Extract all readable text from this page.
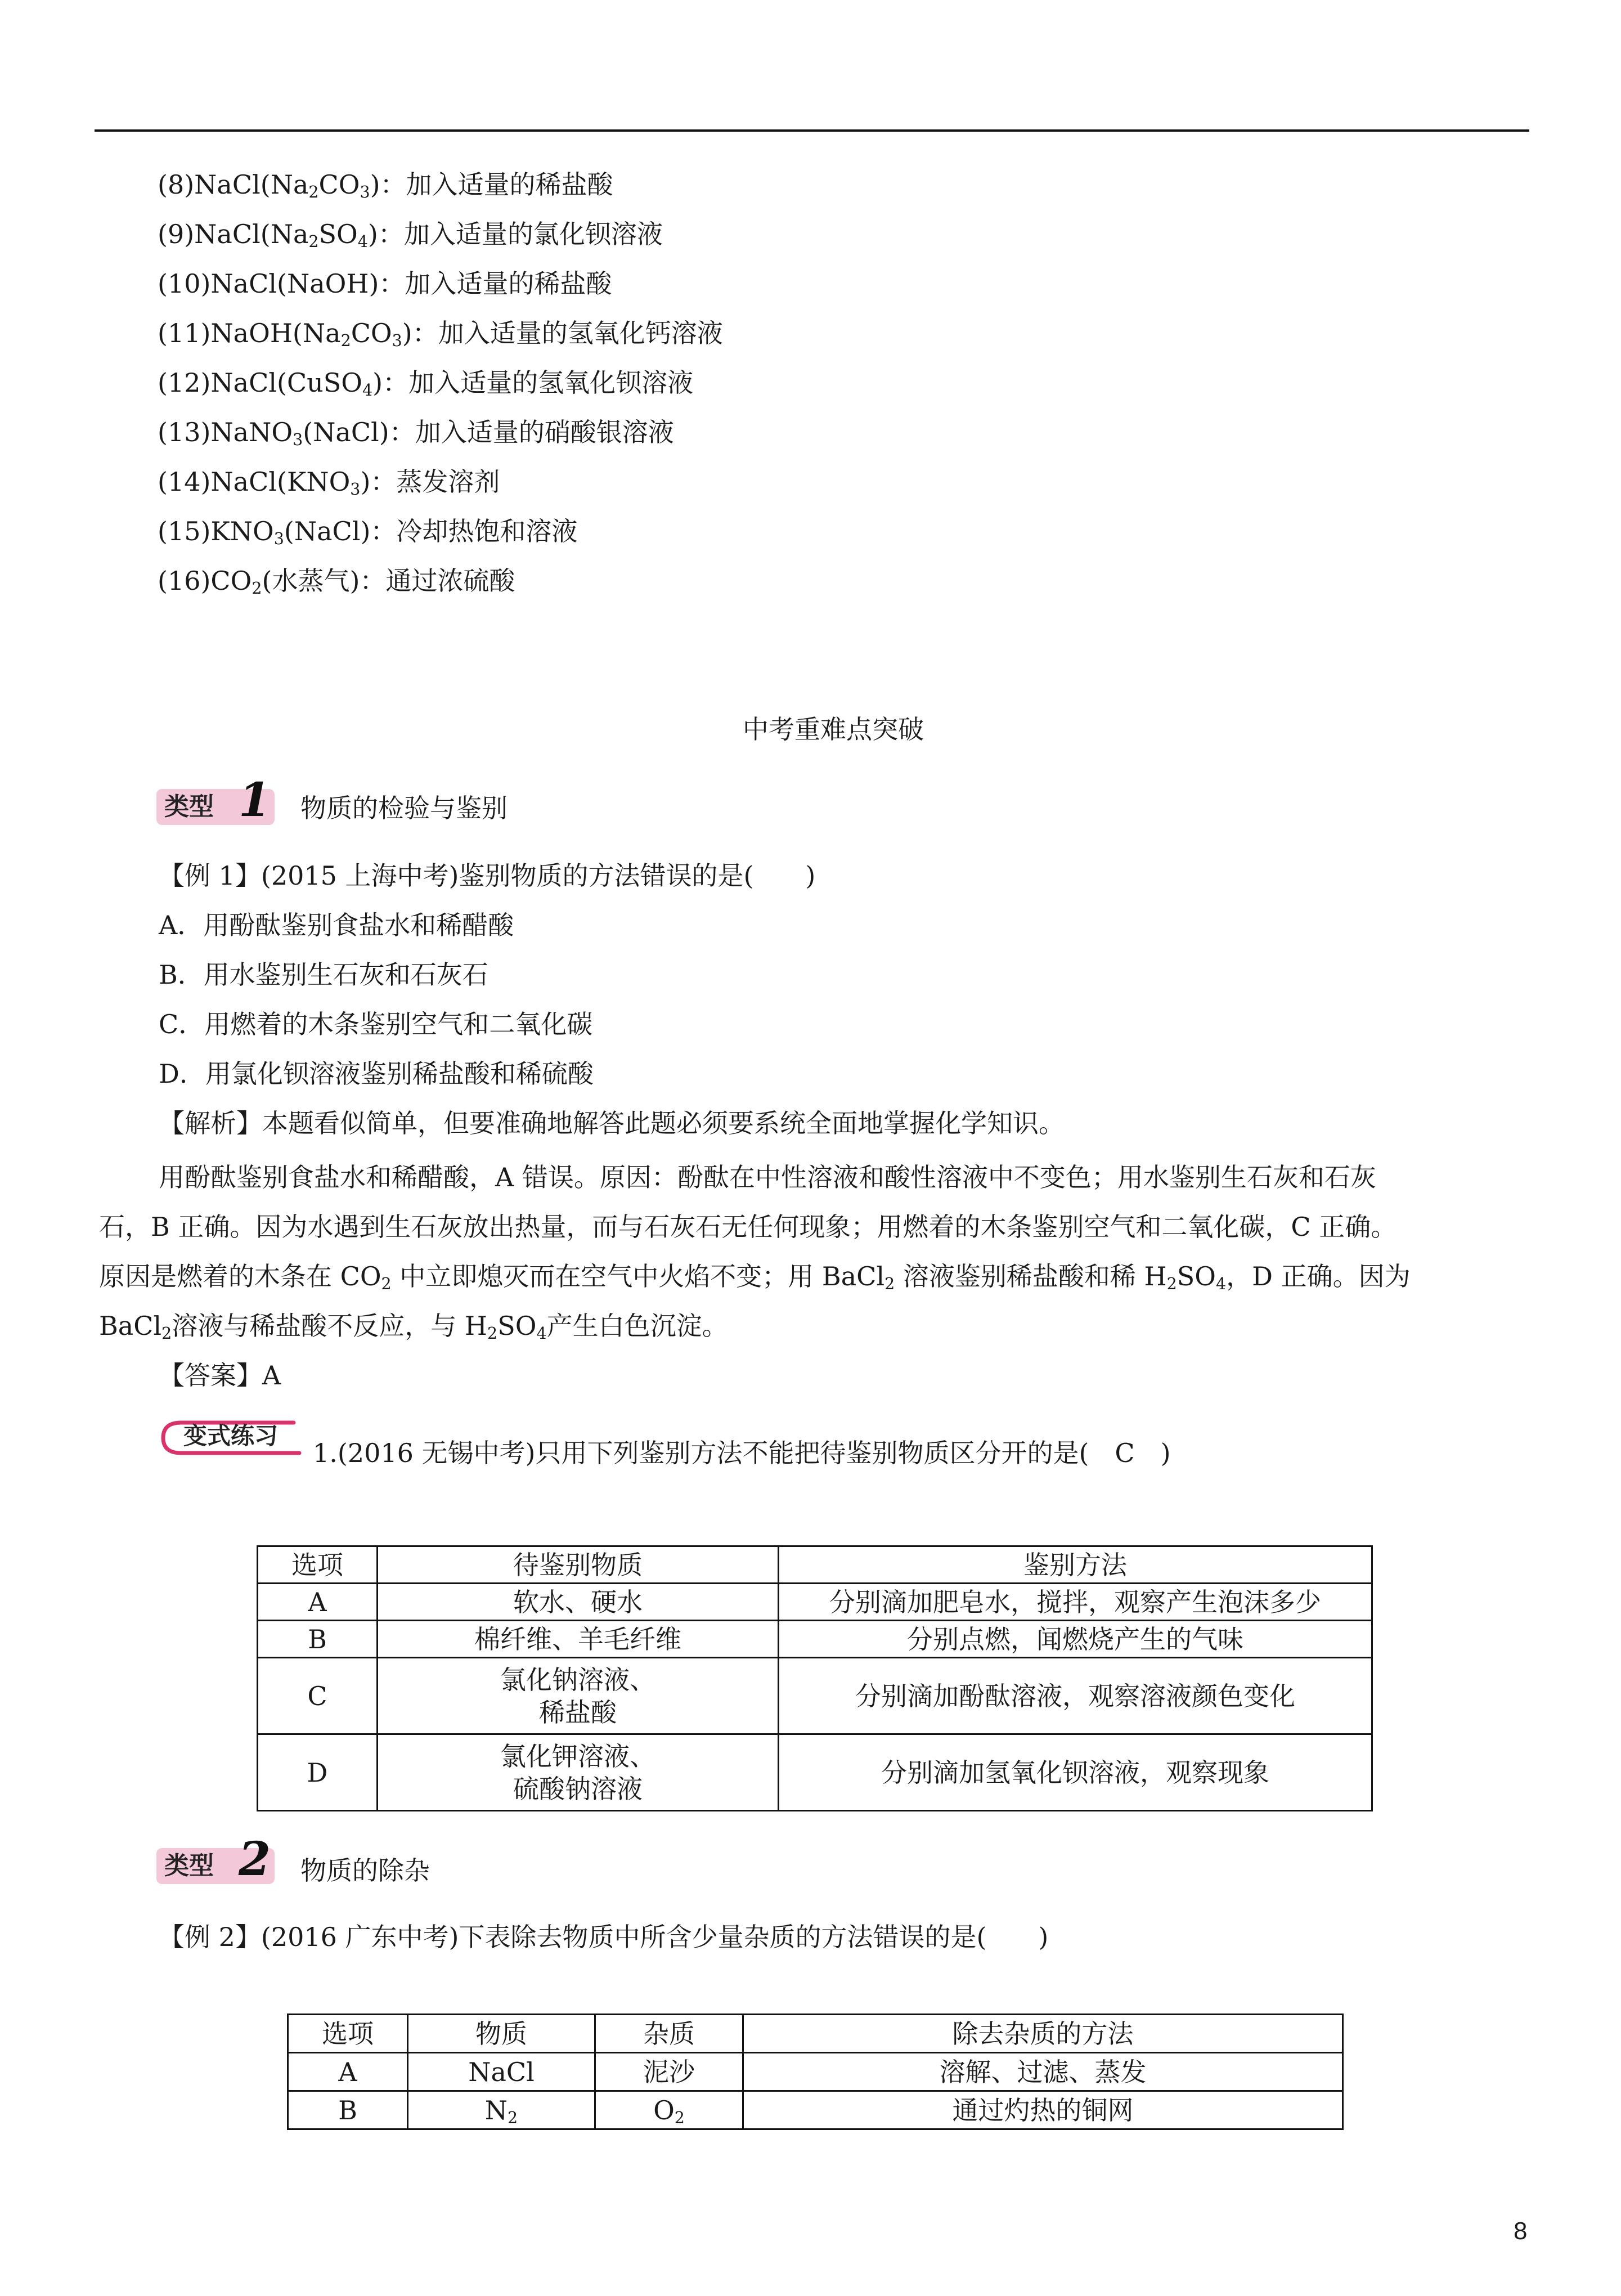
$(8)NaCl(Na_2CO_3)$：加入适量的稀盐酸
$(9)NaCl(Na_2SO_4)$：加入适量的氯化钡溶液
(10)NaCl(NaOH)：加入适量的稀盐酸
$(11)NaOH(Na_2CO_3)$：加入适量的氢氧化钙溶液
(12)NaCl(CuSO$_4$)：加入适量的氢氧化钡溶液
(13)NaNO$_3$(NaCl)：加入适量的硝酸银溶液
$(14)NaCl(KNO_3)$：蒸发溶剂
$(15)KNO_3(NaCl)$：冷却热饱和溶液
$(16)CO_2$(水蒸气)：通过浓硫酸
中考重难点突破
类型 1 物质的检验与鉴别
【例 1】(2015 上海中考)鉴别物质的方法错误的是(　　)
A．用酚酞鉴别食盐水和稀醋酸
B．用水鉴别生石灰和石灰石
C．用燃着的木条鉴别空气和二氧化碳
D．用氯化钡溶液鉴别稀盐酸和稀硫酸
【解析】本题看似简单，但要准确地解答此题必须要系统全面地掌握化学知识。
用酚酞鉴别食盐水和稀醋酸，A 错误。原因：酚酞在中性溶液和酸性溶液中不变色；用水鉴别生石灰和石灰
石，B 正确。因为水遇到生石灰放出热量，而与石灰石无任何现象；用燃着的木条鉴别空气和二氧化碳，C 正确。
原因是燃着的木条在 $CO_2$ 中立即熄灭而在空气中火焰不变；用 BaCl$_2$ 溶液鉴别稀盐酸和稀 $H_2SO_4$，D 正确。因为
BaCl$_2$溶液与稀盐酸不反应，与 $H_2SO_4$产生白色沉淀。
【答案】A
变式练习
1.(2016 无锡中考)只用下列鉴别方法不能把待鉴别物质区分开的是(　C　)
选项	待鉴别物质	鉴别方法
A	软水、硬水	分别滴加肥皂水，搅拌，观察产生泡沫多少
B	棉纤维、羊毛纤维	分别点燃，闻燃烧产生的气味
C	氯化钠溶液、
稀盐酸	分别滴加酚酞溶液，观察溶液颜色变化
D	氯化钾溶液、
硫酸钠溶液	分别滴加氢氧化钡溶液，观察现象
类型 2 物质的除杂
【例 2】(2016 广东中考)下表除去物质中所含少量杂质的方法错误的是(　　)
选项	物质	杂质	除去杂质的方法
A	NaCl	泥沙	溶解、过滤、蒸发
B	$N_2$	$O_2$	通过灼热的铜网
8
